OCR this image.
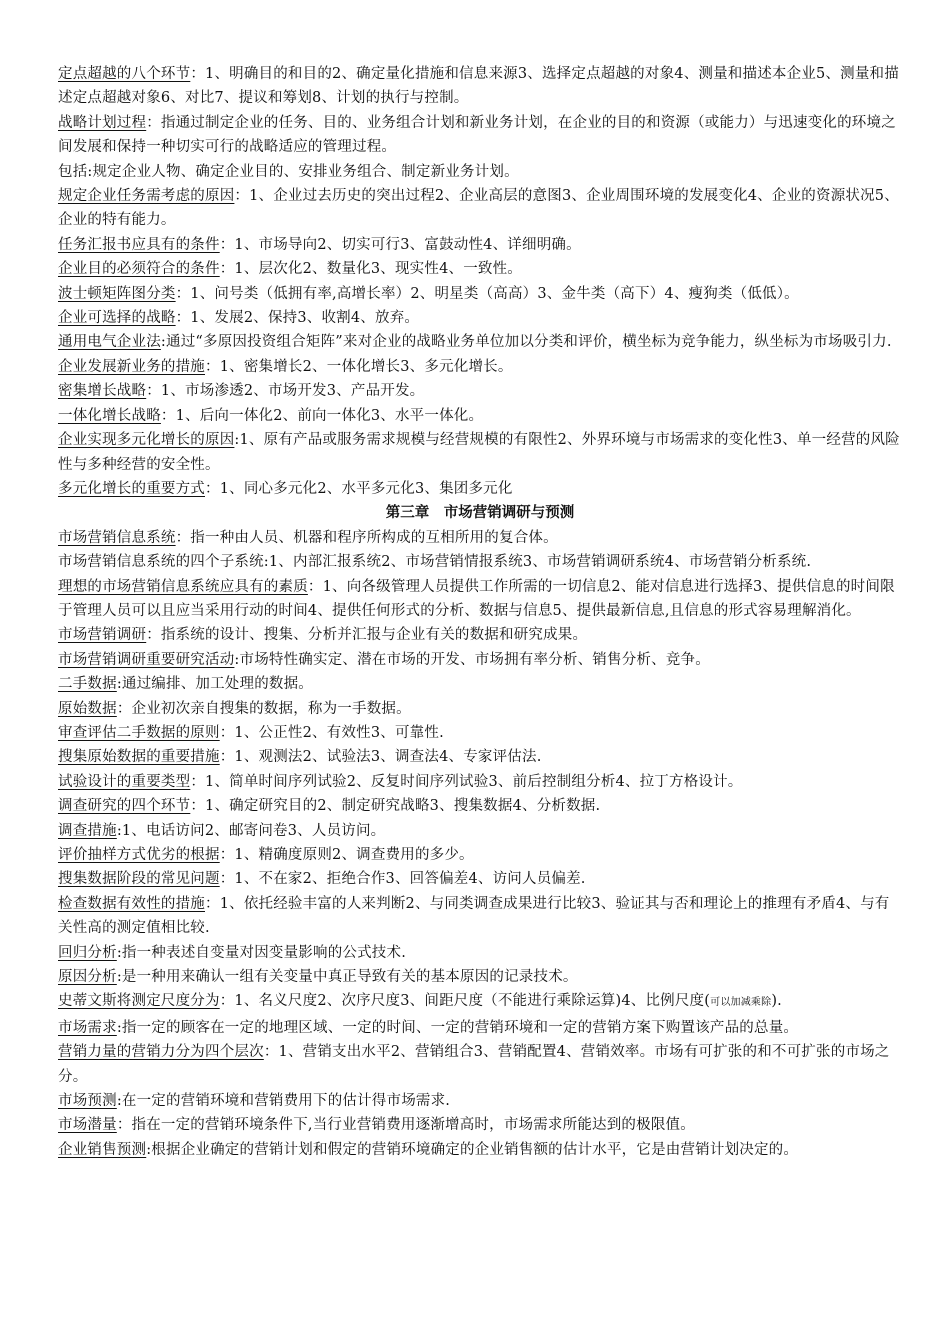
定点超越的八个环节：1、明确目的和目的2、确定量化措施和信息来源3、选择定点超越的对象4、测量和描述本企业5、测量和描述定点超越对象6、对比7、提议和筹划8、计划的执行与控制。

战略计划过程：指通过制定企业的任务、目的、业务组合计划和新业务计划，在企业的目的和资源（或能力）与迅速变化的环境之间发展和保持一种切实可行的战略适应的管理过程。

包括:规定企业人物、确定企业目的、安排业务组合、制定新业务计划。

规定企业任务需考虑的原因：1、企业过去历史的突出过程2、企业高层的意图3、企业周围环境的发展变化4、企业的资源状况5、企业的特有能力。

任务汇报书应具有的条件：1、市场导向2、切实可行3、富鼓动性4、详细明确。

企业目的必须符合的条件：1、层次化2、数量化3、现实性4、一致性。

波士顿矩阵图分类：1、问号类（低拥有率,高增长率）2、明星类（高高）3、金牛类（高下）4、瘦狗类（低低）。

企业可选择的战略：1、发展2、保持3、收割4、放弃。

通用电气企业法:通过“多原因投资组合矩阵”来对企业的战略业务单位加以分类和评价，横坐标为竞争能力，纵坐标为市场吸引力.

企业发展新业务的措施：1、密集增长2、一体化增长3、多元化增长。

密集增长战略：1、市场渗透2、市场开发3、产品开发。

一体化增长战略：1、后向一体化2、前向一体化3、水平一体化。

企业实现多元化增长的原因:1、原有产品或服务需求规模与经营规模的有限性2、外界环境与市场需求的变化性3、单一经营的风险性与多种经营的安全性。

多元化增长的重要方式：1、同心多元化2、水平多元化3、集团多元化

第三章　市场营销调研与预测

市场营销信息系统：指一种由人员、机器和程序所构成的互相所用的复合体。

市场营销信息系统的四个子系统:1、内部汇报系统2、市场营销情报系统3、市场营销调研系统4、市场营销分析系统.

理想的市场营销信息系统应具有的素质：1、向各级管理人员提供工作所需的一切信息2、能对信息进行选择3、提供信息的时间限于管理人员可以且应当采用行动的时间4、提供任何形式的分析、数据与信息5、提供最新信息,且信息的形式容易理解消化。

市场营销调研：指系统的设计、搜集、分析并汇报与企业有关的数据和研究成果。

市场营销调研重要研究活动:市场特性确实定、潜在市场的开发、市场拥有率分析、销售分析、竞争。

二手数据:通过编排、加工处理的数据。

原始数据：企业初次亲自搜集的数据，称为一手数据。

审查评估二手数据的原则：1、公正性2、有效性3、可靠性.

搜集原始数据的重要措施：1、观测法2、试验法3、调查法4、专家评估法.

试验设计的重要类型：1、简单时间序列试验2、反复时间序列试验3、前后控制组分析4、拉丁方格设计。

调查研究的四个环节：1、确定研究目的2、制定研究战略3、搜集数据4、分析数据.

调查措施:1、电话访问2、邮寄问卷3、人员访问。

评价抽样方式优劣的根据：1、精确度原则2、调查费用的多少。

搜集数据阶段的常见问题：1、不在家2、拒绝合作3、回答偏差4、访问人员偏差.

检查数据有效性的措施：1、依托经验丰富的人来判断2、与同类调查成果进行比较3、验证其与否和理论上的推理有矛盾4、与有关性高的测定值相比较.

回归分析:指一种表述自变量对因变量影响的公式技术.

原因分析:是一种用来确认一组有关变量中真正导致有关的基本原因的记录技术。

史蒂文斯将测定尺度分为：1、名义尺度2、次序尺度3、间距尺度（不能进行乘除运算)4、比例尺度(可以加减乘除).

市场需求:指一定的顾客在一定的地理区域、一定的时间、一定的营销环境和一定的营销方案下购置该产品的总量。

营销力量的营销力分为四个层次：1、营销支出水平2、营销组合3、营销配置4、营销效率。市场有可扩张的和不可扩张的市场之分。

市场预测:在一定的营销环境和营销费用下的估计得市场需求.

市场潜量：指在一定的营销环境条件下,当行业营销费用逐渐增高时，市场需求所能达到的极限值。

企业销售预测:根据企业确定的营销计划和假定的营销环境确定的企业销售额的估计水平，它是由营销计划决定的。
